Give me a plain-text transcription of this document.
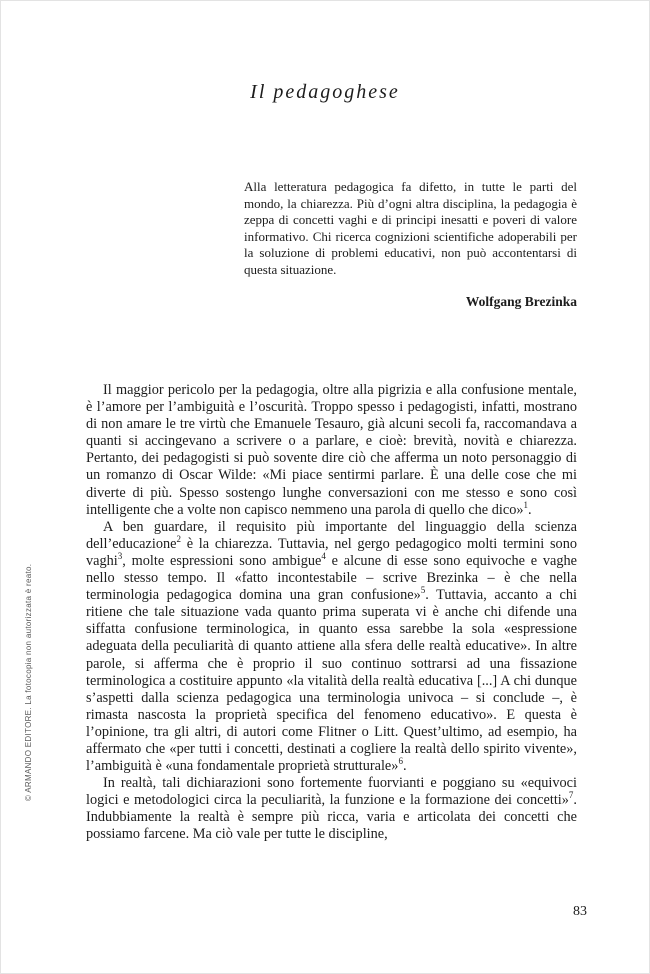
Il pedagoghese
Alla letteratura pedagogica fa difetto, in tutte le parti del mondo, la chiarezza. Più d’ogni altra disciplina, la pedagogia è zeppa di concetti vaghi e di principi inesatti e poveri di valore informativo. Chi ricerca cognizioni scientifiche adoperabili per la soluzione di problemi educativi, non può accontentarsi di questa situazione.
Wolfgang Brezinka

Il maggior pericolo per la pedagogia, oltre alla pigrizia e alla confusione mentale, è l’amore per l’ambiguità e l’oscurità. Troppo spesso i pedagogisti, infatti, mostrano di non amare le tre virtù che Emanuele Tesauro, già alcuni secoli fa, raccomandava a quanti si accingevano a scrivere o a parlare, e cioè: brevità, novità e chiarezza. Pertanto, dei pedagogisti si può sovente dire ciò che afferma un noto personaggio di un romanzo di Oscar Wilde: «Mi piace sentirmi parlare. È una delle cose che mi diverte di più. Spesso sostengo lunghe conversazioni con me stesso e sono così intelligente che a volte non capisco nemmeno una parola di quello che dico»$^1$.

A ben guardare, il requisito più importante del linguaggio della scienza dell’educazione$^2$ è la chiarezza. Tuttavia, nel gergo pedagogico molti termini sono vaghi$^3$, molte espressioni sono ambigue$^4$ e alcune di esse sono equivoche e vaghe nello stesso tempo. Il «fatto incontestabile – scrive Brezinka – è che nella terminologia pedagogica domina una gran confusione»$^5$. Tuttavia, accanto a chi ritiene che tale situazione vada quanto prima superata vi è anche chi difende una siffatta confusione terminologica, in quanto essa sarebbe la sola «espressione adeguata della peculiarità di quanto attiene alla sfera delle realtà educative». In altre parole, si afferma che è proprio il suo continuo sottrarsi ad una fissazione terminologica a costituire appunto «la vitalità della realtà educativa [...] A chi dunque s’aspetti dalla scienza pedagogica una terminologia univoca – si conclude –, è rimasta nascosta la proprietà specifica del fenomeno educativo». E questa è l’opinione, tra gli altri, di autori come Flitner o Litt. Quest’ultimo, ad esempio, ha affermato che «per tutti i concetti, destinati a cogliere la realtà dello spirito vivente», l’ambiguità è «una fondamentale proprietà strutturale»$^6$.

In realtà, tali dichiarazioni sono fortemente fuorvianti e poggiano su «equivoci logici e metodologici circa la peculiarità, la funzione e la formazione dei concetti»$^7$. Indubbiamente la realtà è sempre più ricca, varia e articolata dei concetti che possiamo farcene. Ma ciò vale per tutte le discipline,

© ARMANDO EDITORE. La fotocopia non autorizzata è reato.
83
